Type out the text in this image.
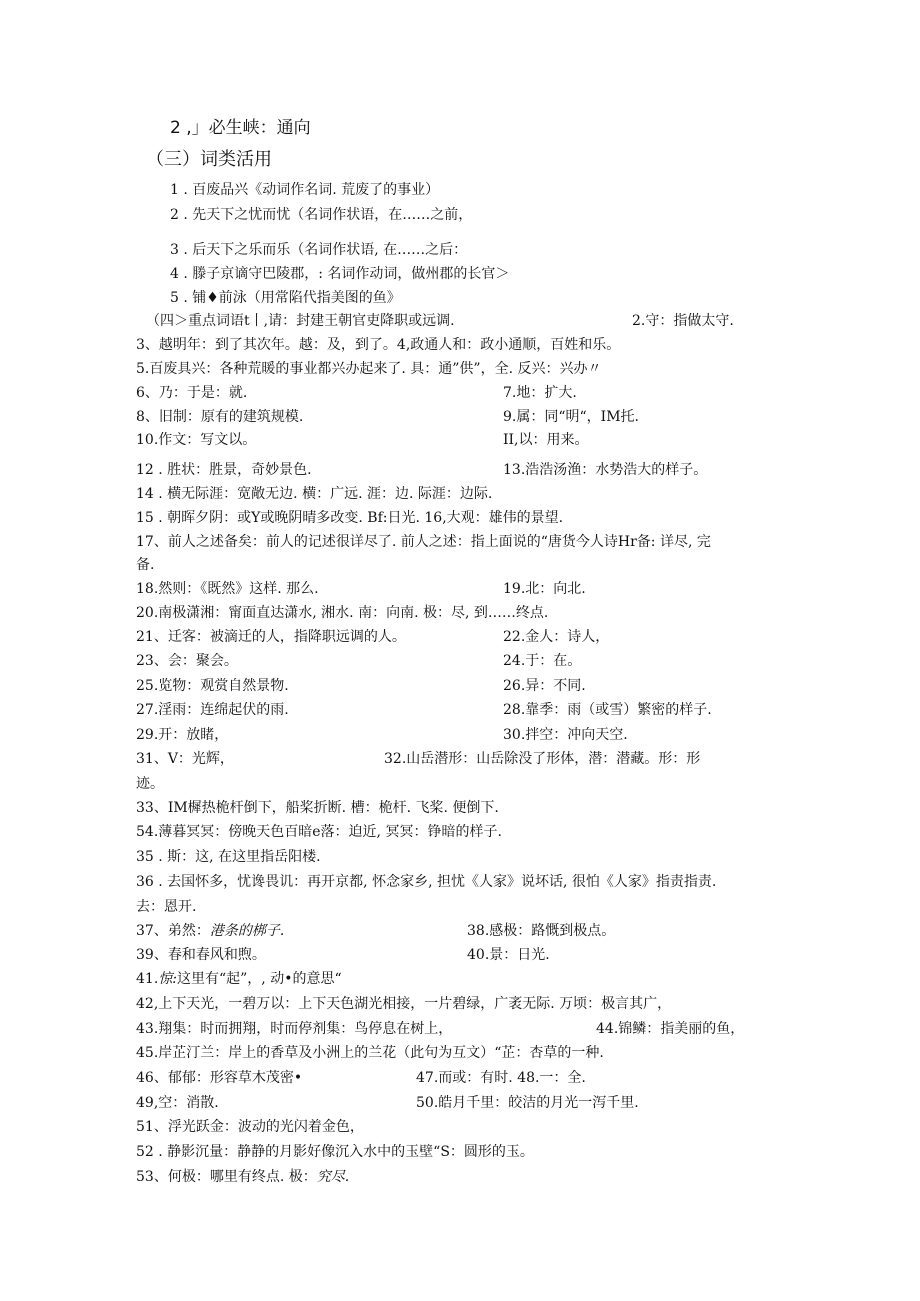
2 ,」必生峡：通向
（三）词类活用
1 . 百废品兴《动词作名词. 荒废了的事业）
2 . 先天下之忧而忧（名词作状语，在……之前，
3 . 后天下之乐而乐（名词作状语, 在……之后：
4 . 滕子京谪守巴陵郡，: 名词作动词，做州郡的长官＞
5 . 铺♦前泳（用常陷代指美图的鱼》
（四＞重点词语t丨,请：封建王朝官吏降职或远调.	2.守：指做太守.
3、越明年：到了其次年。越：及，到了。4,政通人和：政小通顺，百姓和乐。
5.百废具兴：各种荒暖的事业都兴办起来了. 具：通”供”，全. 反兴：兴办〃
6、乃：于是：就.	7.地：扩大.
8、旧制：原有的建筑规模.	9.属：同“明“，IM托.
10.作文：写文以。	II,以：用来。
12 . 胜状：胜景，奇妙景色.	13.浩浩汤渔：水势浩大的样子。
14 . 横无际涯：宽敞无边. 横：广远. 涯：边. 际涯：边际.
15 . 朝晖夕阴：或Y或晚阴晴多改变. Bf:日光. 16,大观：雄伟的景望.
17、前人之述备矣：前人的记述很详尽了. 前人之述：指上面说的“唐货今人诗Hr备: 详尽, 完
备.
18.然则：《既然》这样. 那么.	19.北：向北.
20.南极潇湘：甯面直达潇水, 湘水. 南：向南. 极：尽, 到……终点.
21、迁客：被滴迁的人，指降职远调的人。	22.金人：诗人，
23、会：聚会。	24.于：在。
25.览物：观赏自然景物.	26.异：不同.
27.淫雨：连绵起伏的雨.	28.靠季：雨（或雪）繁密的样子.
29.开：放睹，	30.拌空：冲向天空.
31、V：光辉，	32.山岳潜形：山岳除没了形体，潜：潜藏。形：形
迹。
33、IM樨热桅杆倒下，船桨折断. 槽：桅杆. 飞桨. 便倒下.
54.薄暮冥冥：傍晚天色百暗e落：迫近, 冥冥：铮暗的样子.
35 . 斯：这, 在这里指岳阳楼.
36 . 去国怀多，忧谗畏讥：再开京都, 怀念家乡, 担忧《人家》说坏话, 很怕《人家》指责指责.
去：恩开.
37、弟然：港条的梆子.	38.感极：路慨到极点。
39、春和春风和煦。	40.景：日光.
41.惊:这里有“起”，, 动•的意思“
42,上下天光，一碧万以：上下天色湖光相接，一片碧绿，广袤无际. 万顷：极言其广，
43.翔集：时而拥翔，时而停剂集：鸟停息在树上，	44.锦鳞：指美丽的鱼，
45.岸芷汀兰：岸上的香草及小洲上的兰花（此句为互文）“芷：杏草的一种.
46、郁郁：形容草木茂密•	47.而或：有时. 48.一：全.
49,空：消散.	50.皓月千里：皎洁的月光一泻千里.
51、浮光跃金：波动的光闪着金色，
52 . 静影沉量：静静的月影好像沉入水中的玉壁“S：圆形的玉。
53、何极：哪里有终点. 极：究尽.
